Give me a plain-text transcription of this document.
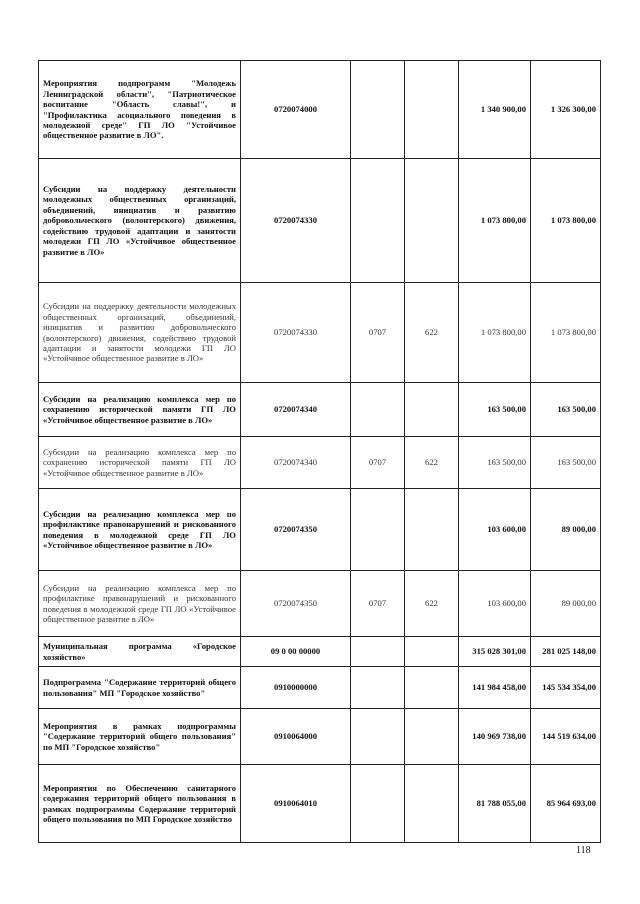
Мероприятия подпрограмм "Молодежь Ленинградской области", "Патриотическое воспитание "Область славы!", и "Профилактика асоциального поведения в молодежной среде" ГП ЛО "Устойчивое общественное развитие в ЛО".	0720074000			1 340 900,00	1 326 300,00
Субсидии на поддержку деятельности молодежных общественных организаций, объединений, инициатив и развитию добровольческого (волонтерского) движения, содействию трудовой адаптации и занятости молодежи ГП ЛО «Устойчивое общественное развитие в ЛО»	0720074330			1 073 800,00	1 073 800,00
Субсидии на поддержку деятельности молодежных общественных организаций, объединений, инициатив и развитию добровольческого (волонтерского) движения, содействию трудовой адаптации и занятости молодежи ГП ЛО «Устойчивое общественное развитие в ЛО»	0720074330	0707	622	1 073 800,00	1 073 800,00
Субсидии на реализацию комплекса мер по сохранению исторической памяти ГП ЛО «Устойчивое общественное развитие в ЛО»	0720074340			163 500,00	163 500,00
Субсидии на реализацию комплекса мер по сохранению исторической памяти ГП ЛО «Устойчивое общественное развитие в ЛО»	0720074340	0707	622	163 500,00	163 500,00
Субсидии на реализацию комплекса мер по профилактике правонарушений и рискованного поведения в молодежной среде ГП ЛО «Устойчивое общественное развитие в ЛО»	0720074350			103 600,00	89 000,00
Субсидии на реализацию комплекса мер по профилактике правонарушений и рискованного поведения в молодежной среде ГП ЛО «Устойчивое общественное развитие в ЛО»	0720074350	0707	622	103 600,00	89 000,00
Муниципальная программа «Городское хозяйство»	09 0 00 00000			315 028 301,00	281 025 148,00
Подпрограмма "Содержание территорий общего пользования" МП "Городское хозяйство"	0910000000			141 984 458,00	145 534 354,00
Мероприятия в рамках подпрограммы "Содержание территорий общего пользования" по МП "Городское хозяйство"	0910064000			140 969 738,00	144 519 634,00
Мероприятия по Обеспечению санитарного содержания территорий общего пользования в рамках подпрограммы Содержание территорий общего пользования по МП Городское хозяйство	0910064010			81 788 055,00	85 964 693,00
118
